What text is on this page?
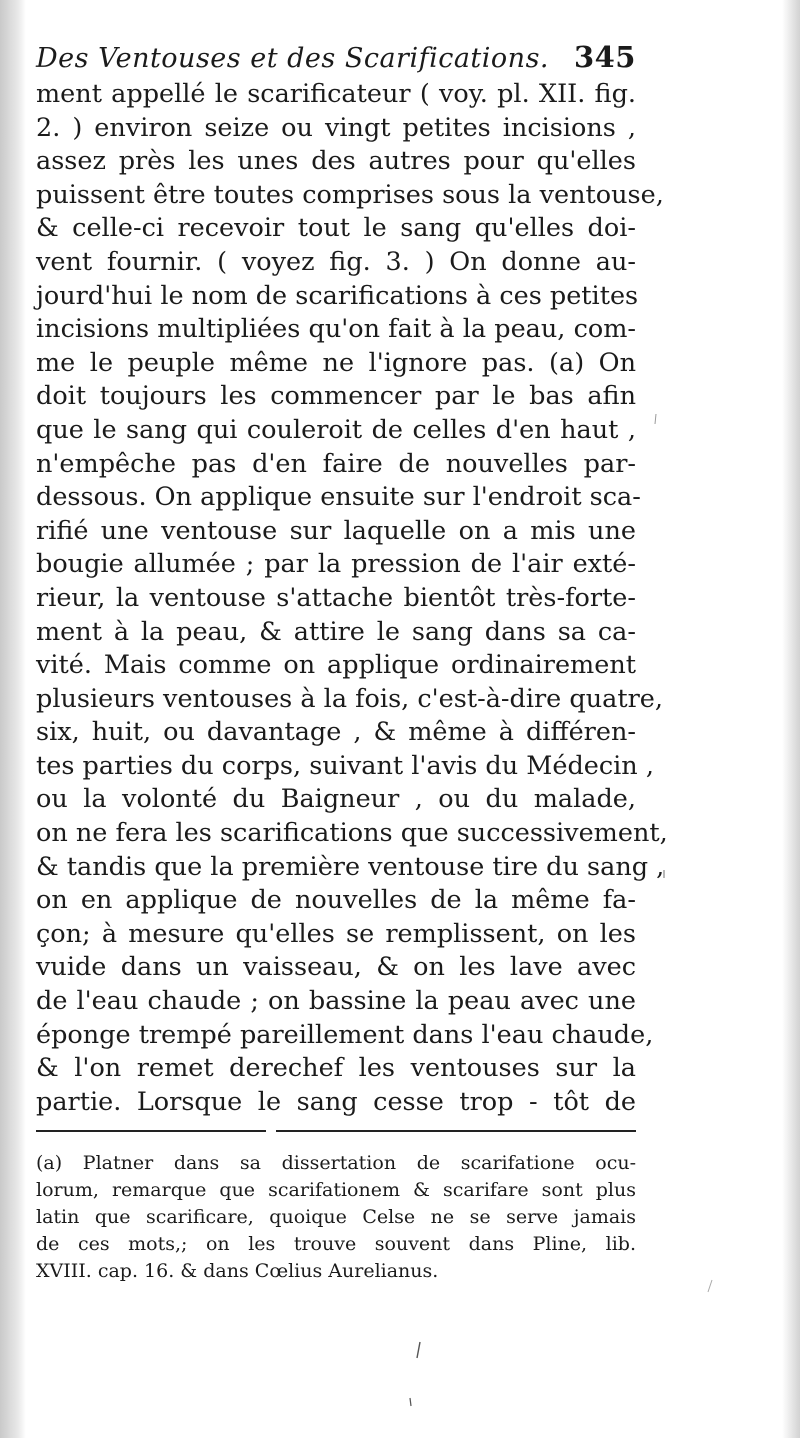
Des Ventouses et des Scarifications. 345
ment appellé le scarificateur ( voy. pl. XII. fig.
2. ) environ seize ou vingt petites incisions ,
assez près les unes des autres pour qu'elles
puissent être toutes comprises sous la ventouse,
& celle-ci recevoir tout le sang qu'elles doi-
vent fournir. ( voyez fig. 3. ) On donne au-
jourd'hui le nom de scarifications à ces petites
incisions multipliées qu'on fait à la peau, com-
me le peuple même ne l'ignore pas. (a) On
doit toujours les commencer par le bas afin
que le sang qui couleroit de celles d'en haut ,
n'empêche pas d'en faire de nouvelles par-
dessous. On applique ensuite sur l'endroit sca-
rifié une ventouse sur laquelle on a mis une
bougie allumée ; par la pression de l'air exté-
rieur, la ventouse s'attache bientôt très-forte-
ment à la peau, & attire le sang dans sa ca-
vité. Mais comme on applique ordinairement
plusieurs ventouses à la fois, c'est-à-dire quatre,
six, huit, ou davantage , & même à différen-
tes parties du corps, suivant l'avis du Médecin ,
ou la volonté du Baigneur , ou du malade,
on ne fera les scarifications que successivement,
& tandis que la première ventouse tire du sang ,
on en applique de nouvelles de la même fa-
çon; à mesure qu'elles se remplissent, on les
vuide dans un vaisseau, & on les lave avec
de l'eau chaude ; on bassine la peau avec une
éponge trempé pareillement dans l'eau chaude,
& l'on remet derechef les ventouses sur la
partie. Lorsque le sang cesse trop - tôt de
(a) Platner dans sa dissertation de scarifatione ocu-
lorum, remarque que scarifationem & scarifare sont plus
latin que scarificare, quoique Celse ne se serve jamais
de ces mots,; on les trouve souvent dans Pline, lib.
XVIII. cap. 16. & dans Cœlius Aurelianus.
